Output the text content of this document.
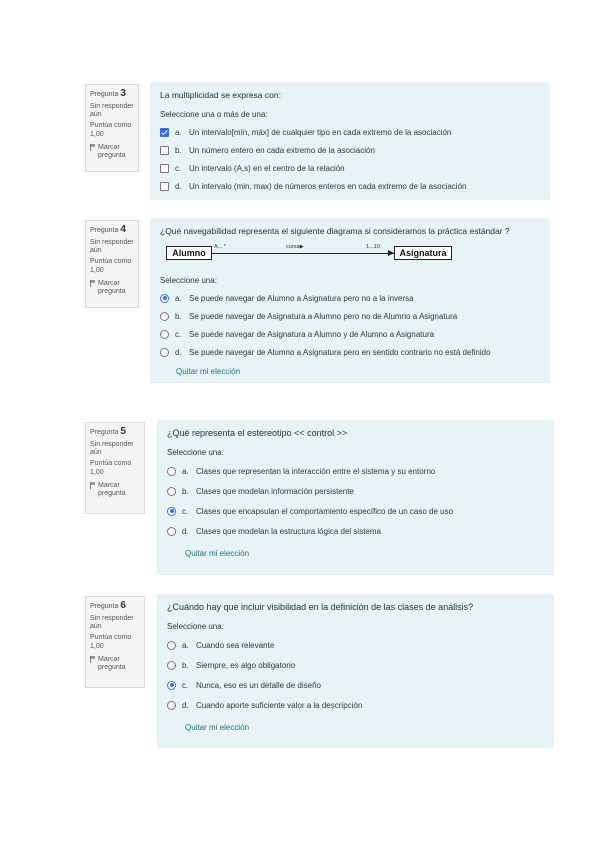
Pregunta 3
Sin responder aún
Puntúa como 1,00
Marcar pregunta
La multiplicidad se expresa con:
Seleccione una o más de una:
a. Un intervalo[mín, máx] de cualquier tipo en cada extremo de la asociación
b. Un número entero en cada extremo de la asociación
c. Un intervalo (A,s) en el centro de la relación
d. Un intervalo (min, max) de números enteros en cada extremo de la asociación
Pregunta 4
Sin responder aún
Puntúa como 1,00
Marcar pregunta
¿Qué navegabilidad representa el siguiente diagrama si consideramos la práctica estándar ?
Alumno
A... *	cursa▶	1...10
Asignatura
Seleccione una:
a. Se puede navegar de Alumno a Asignatura pero no a la inversa
b. Se puede navegar de Asignatura a Alumno pero no de Alumno a Asignatura
c. Se puede navegar de Asignatura a Alumno y de Alumno a Asignatura
d. Se puede navegar de Alumno a Asignatura pero en sentido contrario no está definido
Quitar mi elección
Pregunta 5
Sin responder aún
Puntúa como 1,00
Marcar pregunta
¿Qué representa el estereotipo << control >>
Seleccione una:
a. Clases que representan la interacción entre el sistema y su entorno
b. Clases que modelan información persistente
c. Clases que encapsulan el comportamiento específico de un caso de uso
d. Clases que modelan la estructura lógica del sistema
Quitar mi elección
Pregunta 6
Sin responder aún
Puntúa como 1,00
Marcar pregunta
¿Cuándo hay que incluir visibilidad en la definición de las clases de análisis?
Seleccione una:
a. Cuando sea relevante
b. Siempre, es algo obligatorio
c. Nunca, eso es un detalle de diseño
d. Cuando aporte suficiente valor a la descripción
Quitar mi elección
